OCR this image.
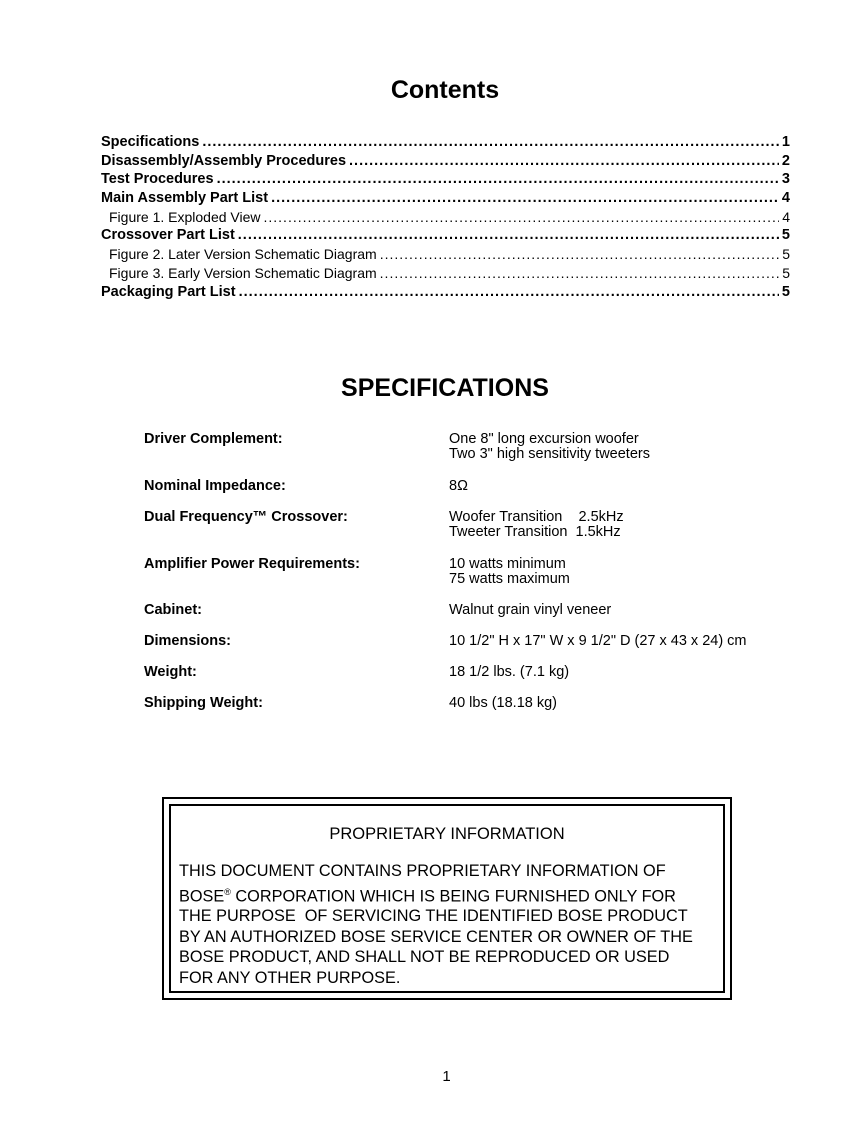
Contents
Specifications .....	1
Disassembly/Assembly Procedures .....	2
Test Procedures .....	3
Main Assembly Part List .....	4
Figure 1. Exploded View .....	4
Crossover Part List .....	5
Figure 2. Later Version Schematic Diagram .....	5
Figure 3. Early Version Schematic Diagram .....	5
Packaging Part List .....	5
SPECIFICATIONS
Driver Complement:	One 8" long excursion woofer
Two 3" high sensitivity tweeters
Nominal Impedance:	8Ω
Dual Frequency™ Crossover:	Woofer Transition    2.5kHz
Tweeter Transition  1.5kHz
Amplifier Power Requirements:	10 watts minimum
75 watts maximum
Cabinet:	Walnut grain vinyl veneer
Dimensions:	10 1/2" H x 17" W x 9 1/2" D (27 x 43 x 24) cm
Weight:	18 1/2 lbs. (7.1 kg)
Shipping Weight:	40 lbs (18.18 kg)

PROPRIETARY INFORMATION

THIS DOCUMENT CONTAINS PROPRIETARY INFORMATION OF
BOSE® CORPORATION WHICH IS BEING FURNISHED ONLY FOR
THE PURPOSE  OF SERVICING THE IDENTIFIED BOSE PRODUCT
BY AN AUTHORIZED BOSE SERVICE CENTER OR OWNER OF THE
BOSE PRODUCT, AND SHALL NOT BE REPRODUCED OR USED
FOR ANY OTHER PURPOSE.
1
